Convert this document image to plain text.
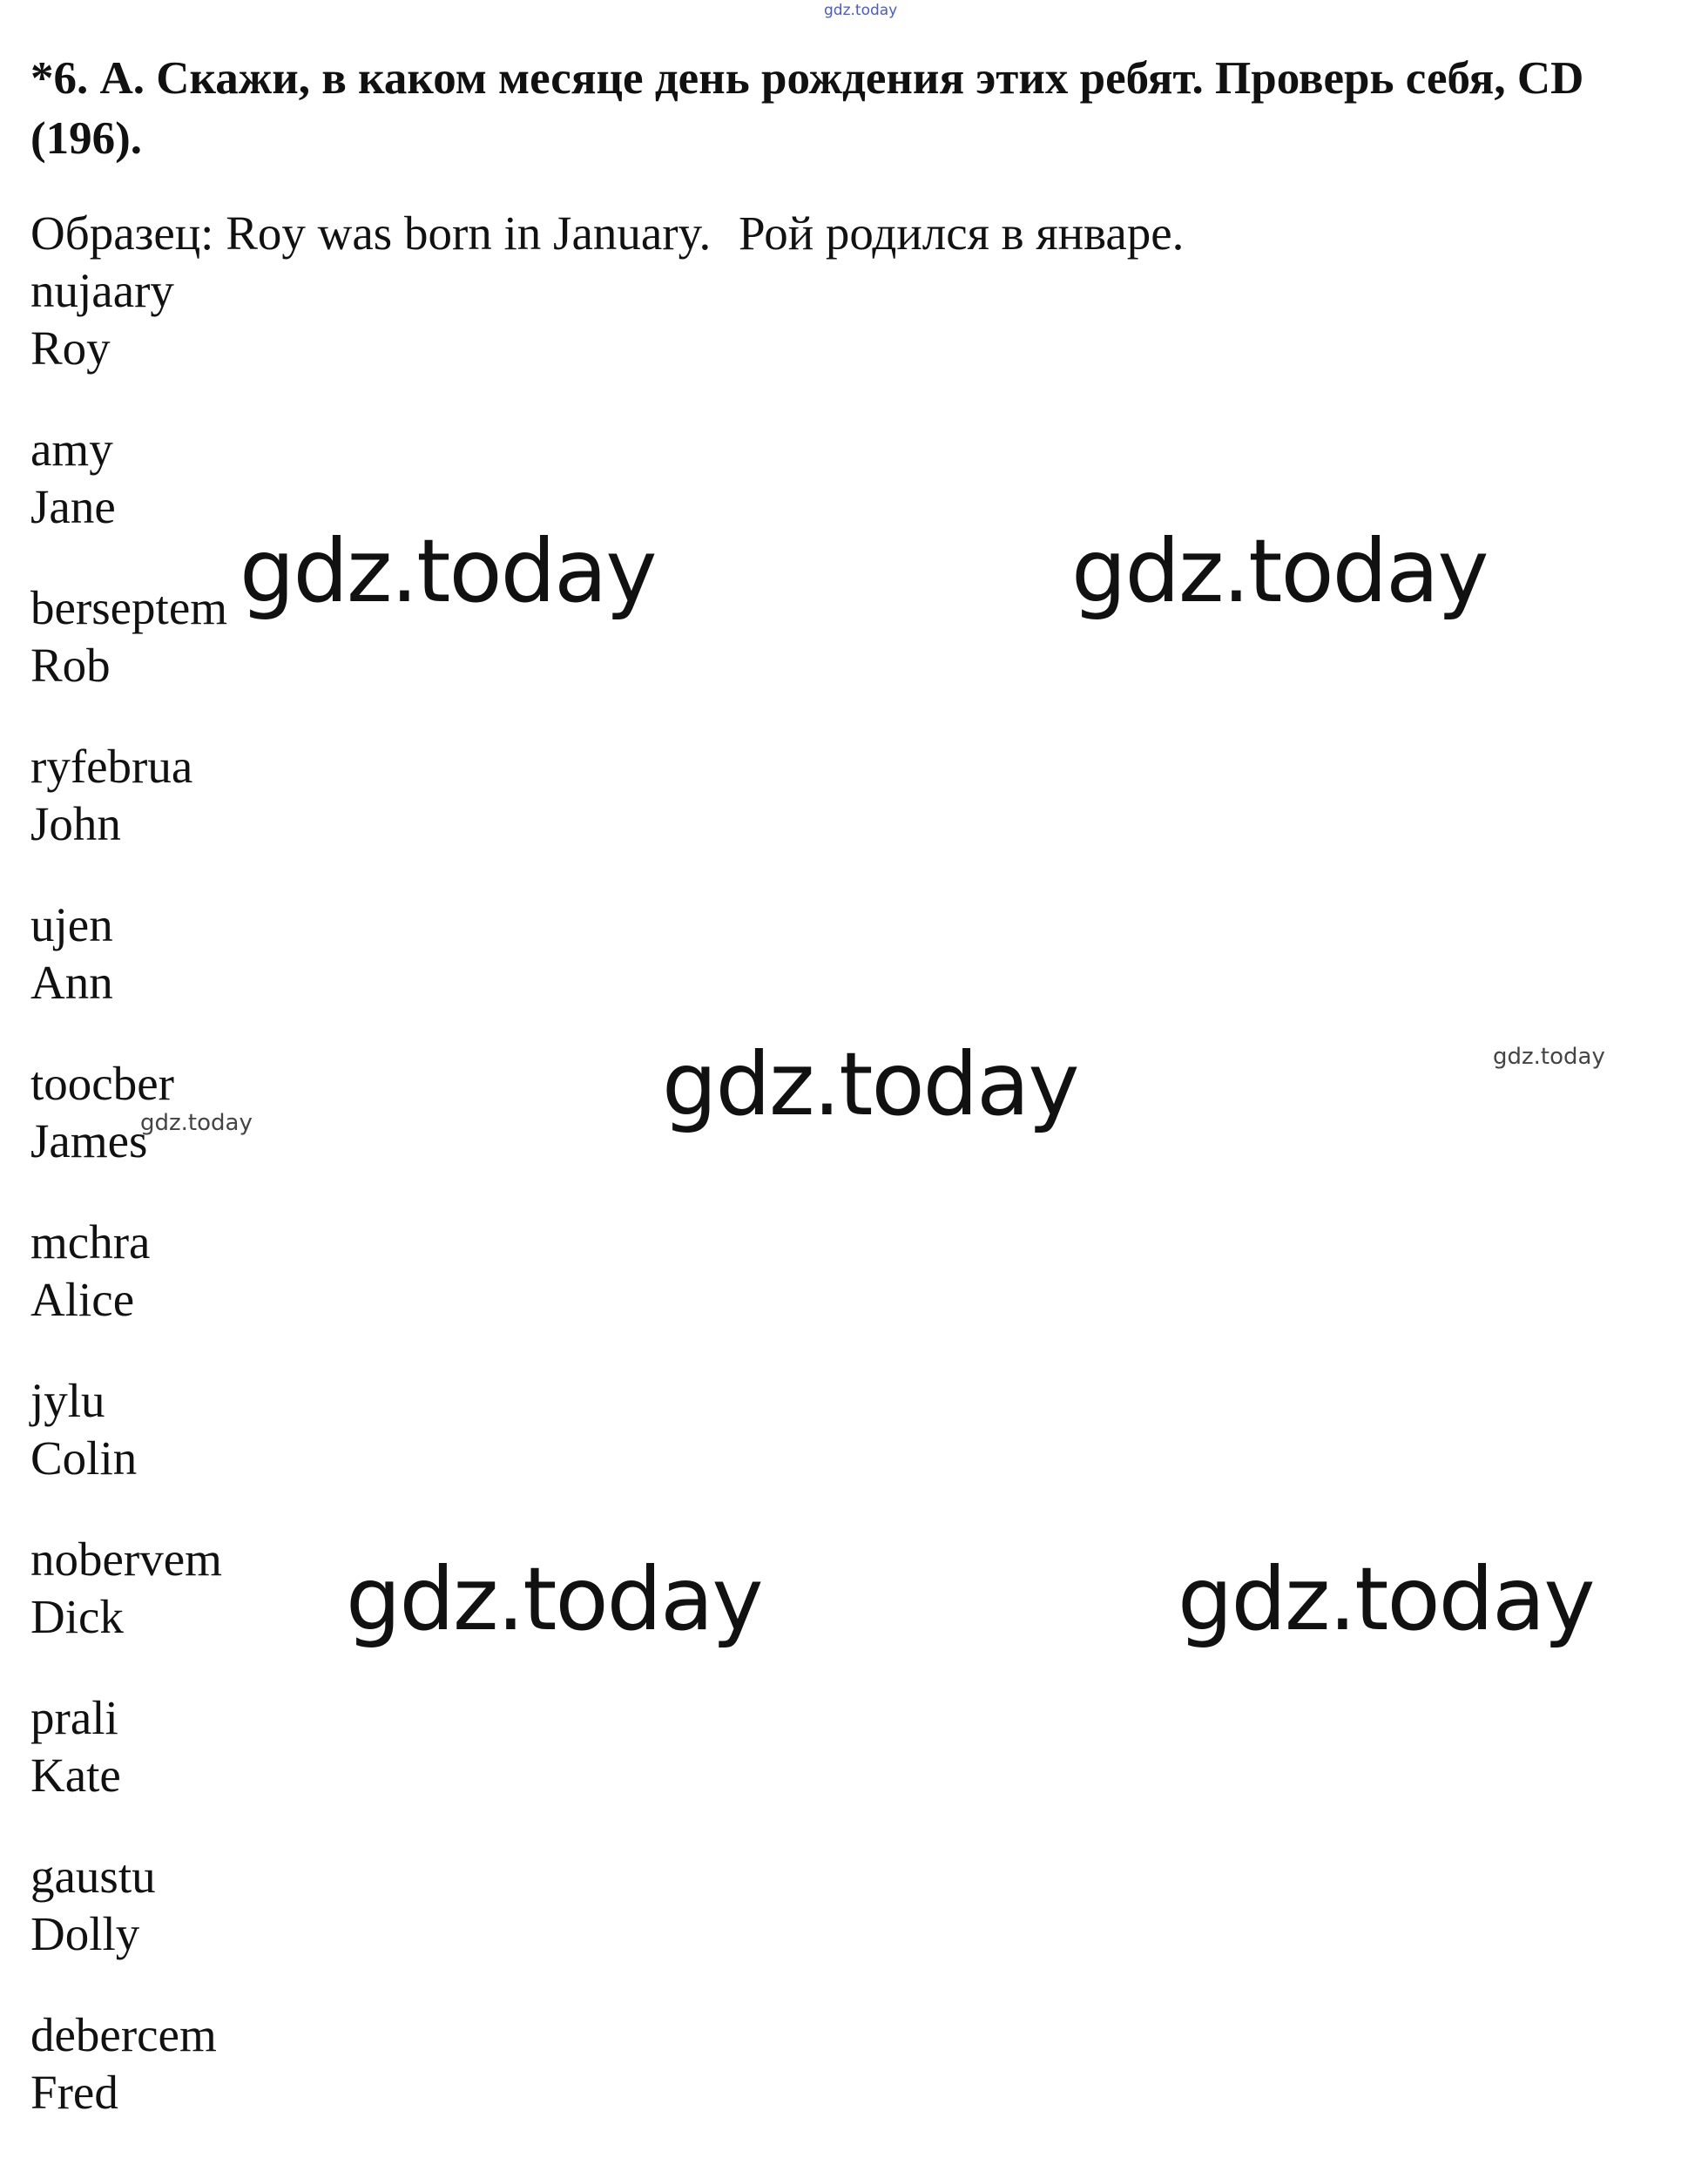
gdz.today
*6. А. Скажи, в каком месяце день рождения этих ребят. Проверь себя, CD (196).
Образец: Roy was born in January. Рой родился в январе.
nujaary
Roy
amy
Jane
berseptem
Rob
ryfebrua
John
ujen
Ann
toocber
James
mchra
Alice
jylu
Colin
nobervem
Dick
prali
Kate
gaustu
Dolly
debercem
Fred
gdz.today	gdz.today
gdz.today	gdz.today
gdz.today
gdz.today	gdz.today
